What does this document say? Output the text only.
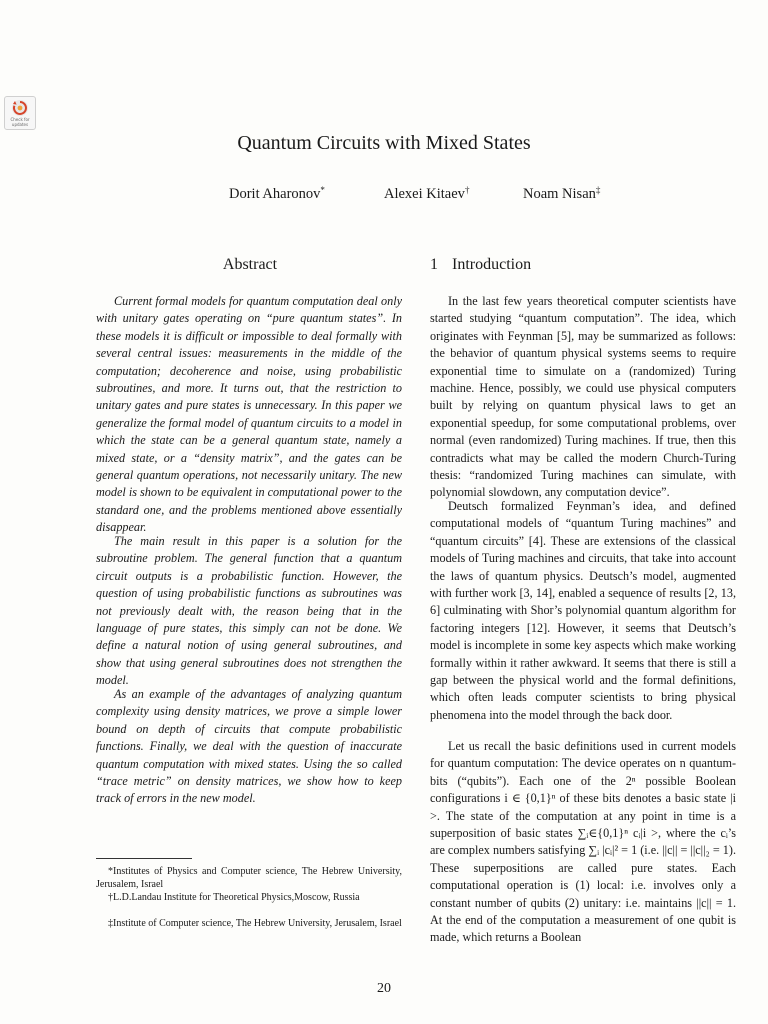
Check for updates
Quantum Circuits with Mixed States
Dorit Aharonov*	Alexei Kitaev†	Noam Nisan‡
Abstract	1 Introduction

Current formal models for quantum computation deal only with unitary gates operating on “pure quantum states”. In these models it is difficult or impossible to deal formally with several central issues: measurements in the middle of the computation; decoherence and noise, using probabilistic subroutines, and more. It turns out, that the restriction to unitary gates and pure states is unnecessary. In this paper we generalize the formal model of quantum circuits to a model in which the state can be a general quantum state, namely a mixed state, or a “density matrix”, and the gates can be general quantum operations, not necessarily unitary. The new model is shown to be equivalent in computational power to the standard one, and the problems mentioned above essentially disappear.

The main result in this paper is a solution for the subroutine problem. The general function that a quantum circuit outputs is a probabilistic function. However, the question of using probabilistic functions as subroutines was not previously dealt with, the reason being that in the language of pure states, this simply can not be done. We define a natural notion of using general subroutines, and show that using general subroutines does not strengthen the model.

As an example of the advantages of analyzing quantum complexity using density matrices, we prove a simple lower bound on depth of circuits that compute probabilistic functions. Finally, we deal with the question of inaccurate quantum computation with mixed states. Using the so called “trace metric” on density matrices, we show how to keep track of errors in the new model.

In the last few years theoretical computer scientists have started studying “quantum computation”. The idea, which originates with Feynman [5], may be summarized as follows: the behavior of quantum physical systems seems to require exponential time to simulate on a (randomized) Turing machine. Hence, possibly, we could use physical computers built by relying on quantum physical laws to get an exponential speedup, for some computational problems, over normal (even randomized) Turing machines. If true, then this contradicts what may be called the modern Church-Turing thesis: “randomized Turing machines can simulate, with polynomial slowdown, any computation device”.

Deutsch formalized Feynman’s idea, and defined computational models of “quantum Turing machines” and “quantum circuits” [4]. These are extensions of the classical models of Turing machines and circuits, that take into account the laws of quantum physics. Deutsch’s model, augmented with further work [3, 14], enabled a sequence of results [2, 13, 6] culminating with Shor’s polynomial quantum algorithm for factoring integers [12]. However, it seems that Deutsch’s model is incomplete in some key aspects which make working formally within it rather awkward. It seems that there is still a gap between the physical world and the formal definitions, which often leads computer scientists to bring physical phenomena into the model through the back door.

Let us recall the basic definitions used in current models for quantum computation: The device operates on n quantum-bits (“qubits”). Each one of the 2ⁿ possible Boolean configurations i ∈ {0,1}ⁿ of these bits denotes a basic state |i >. The state of the computation at any point in time is a superposition of basic states ∑ᵢ∈{0,1}ⁿ cᵢ|i >, where the cᵢ’s are complex numbers satisfying ∑ᵢ |cᵢ|² = 1 (i.e. ||c|| = ||c||₂ = 1). These superpositions are called pure states. Each computational operation is (1) local: i.e. involves only a constant number of qubits (2) unitary: i.e. maintains ||c|| = 1. At the end of the computation a measurement of one qubit is made, which returns a Boolean

*Institutes of Physics and Computer science, The Hebrew University, Jerusalem, Israel

†L.D.Landau Institute for Theoretical Physics,Moscow, Russia

‡Institute of Computer science, The Hebrew University, Jerusalem, Israel

20
